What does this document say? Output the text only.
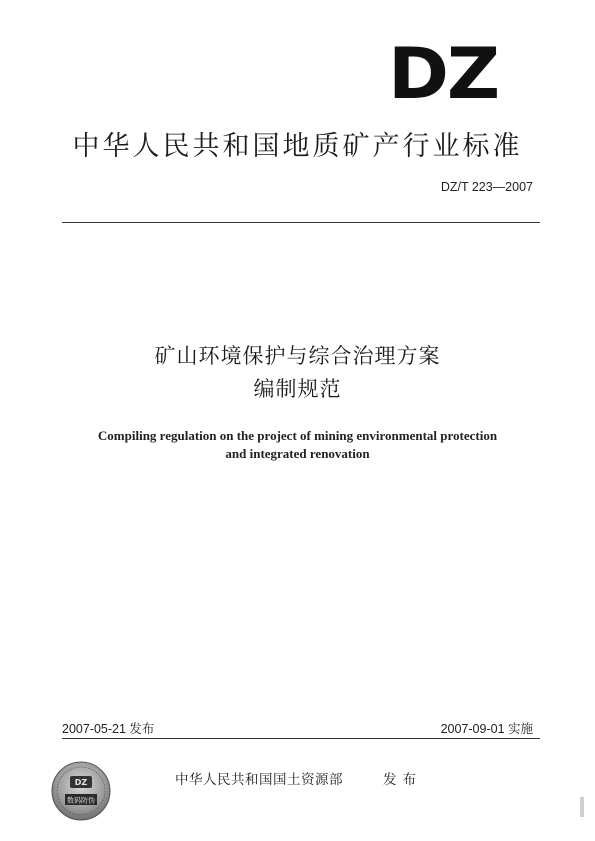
DZ
中华人民共和国地质矿产行业标准
DZ/T 223—2007
矿山环境保护与综合治理方案
编制规范
Compiling regulation on the project of mining environmental protection
and integrated renovation
2007-05-21 发布	2007-09-01 实施
DZ
数码防伪
中华人民共和国国土资源部	发布
